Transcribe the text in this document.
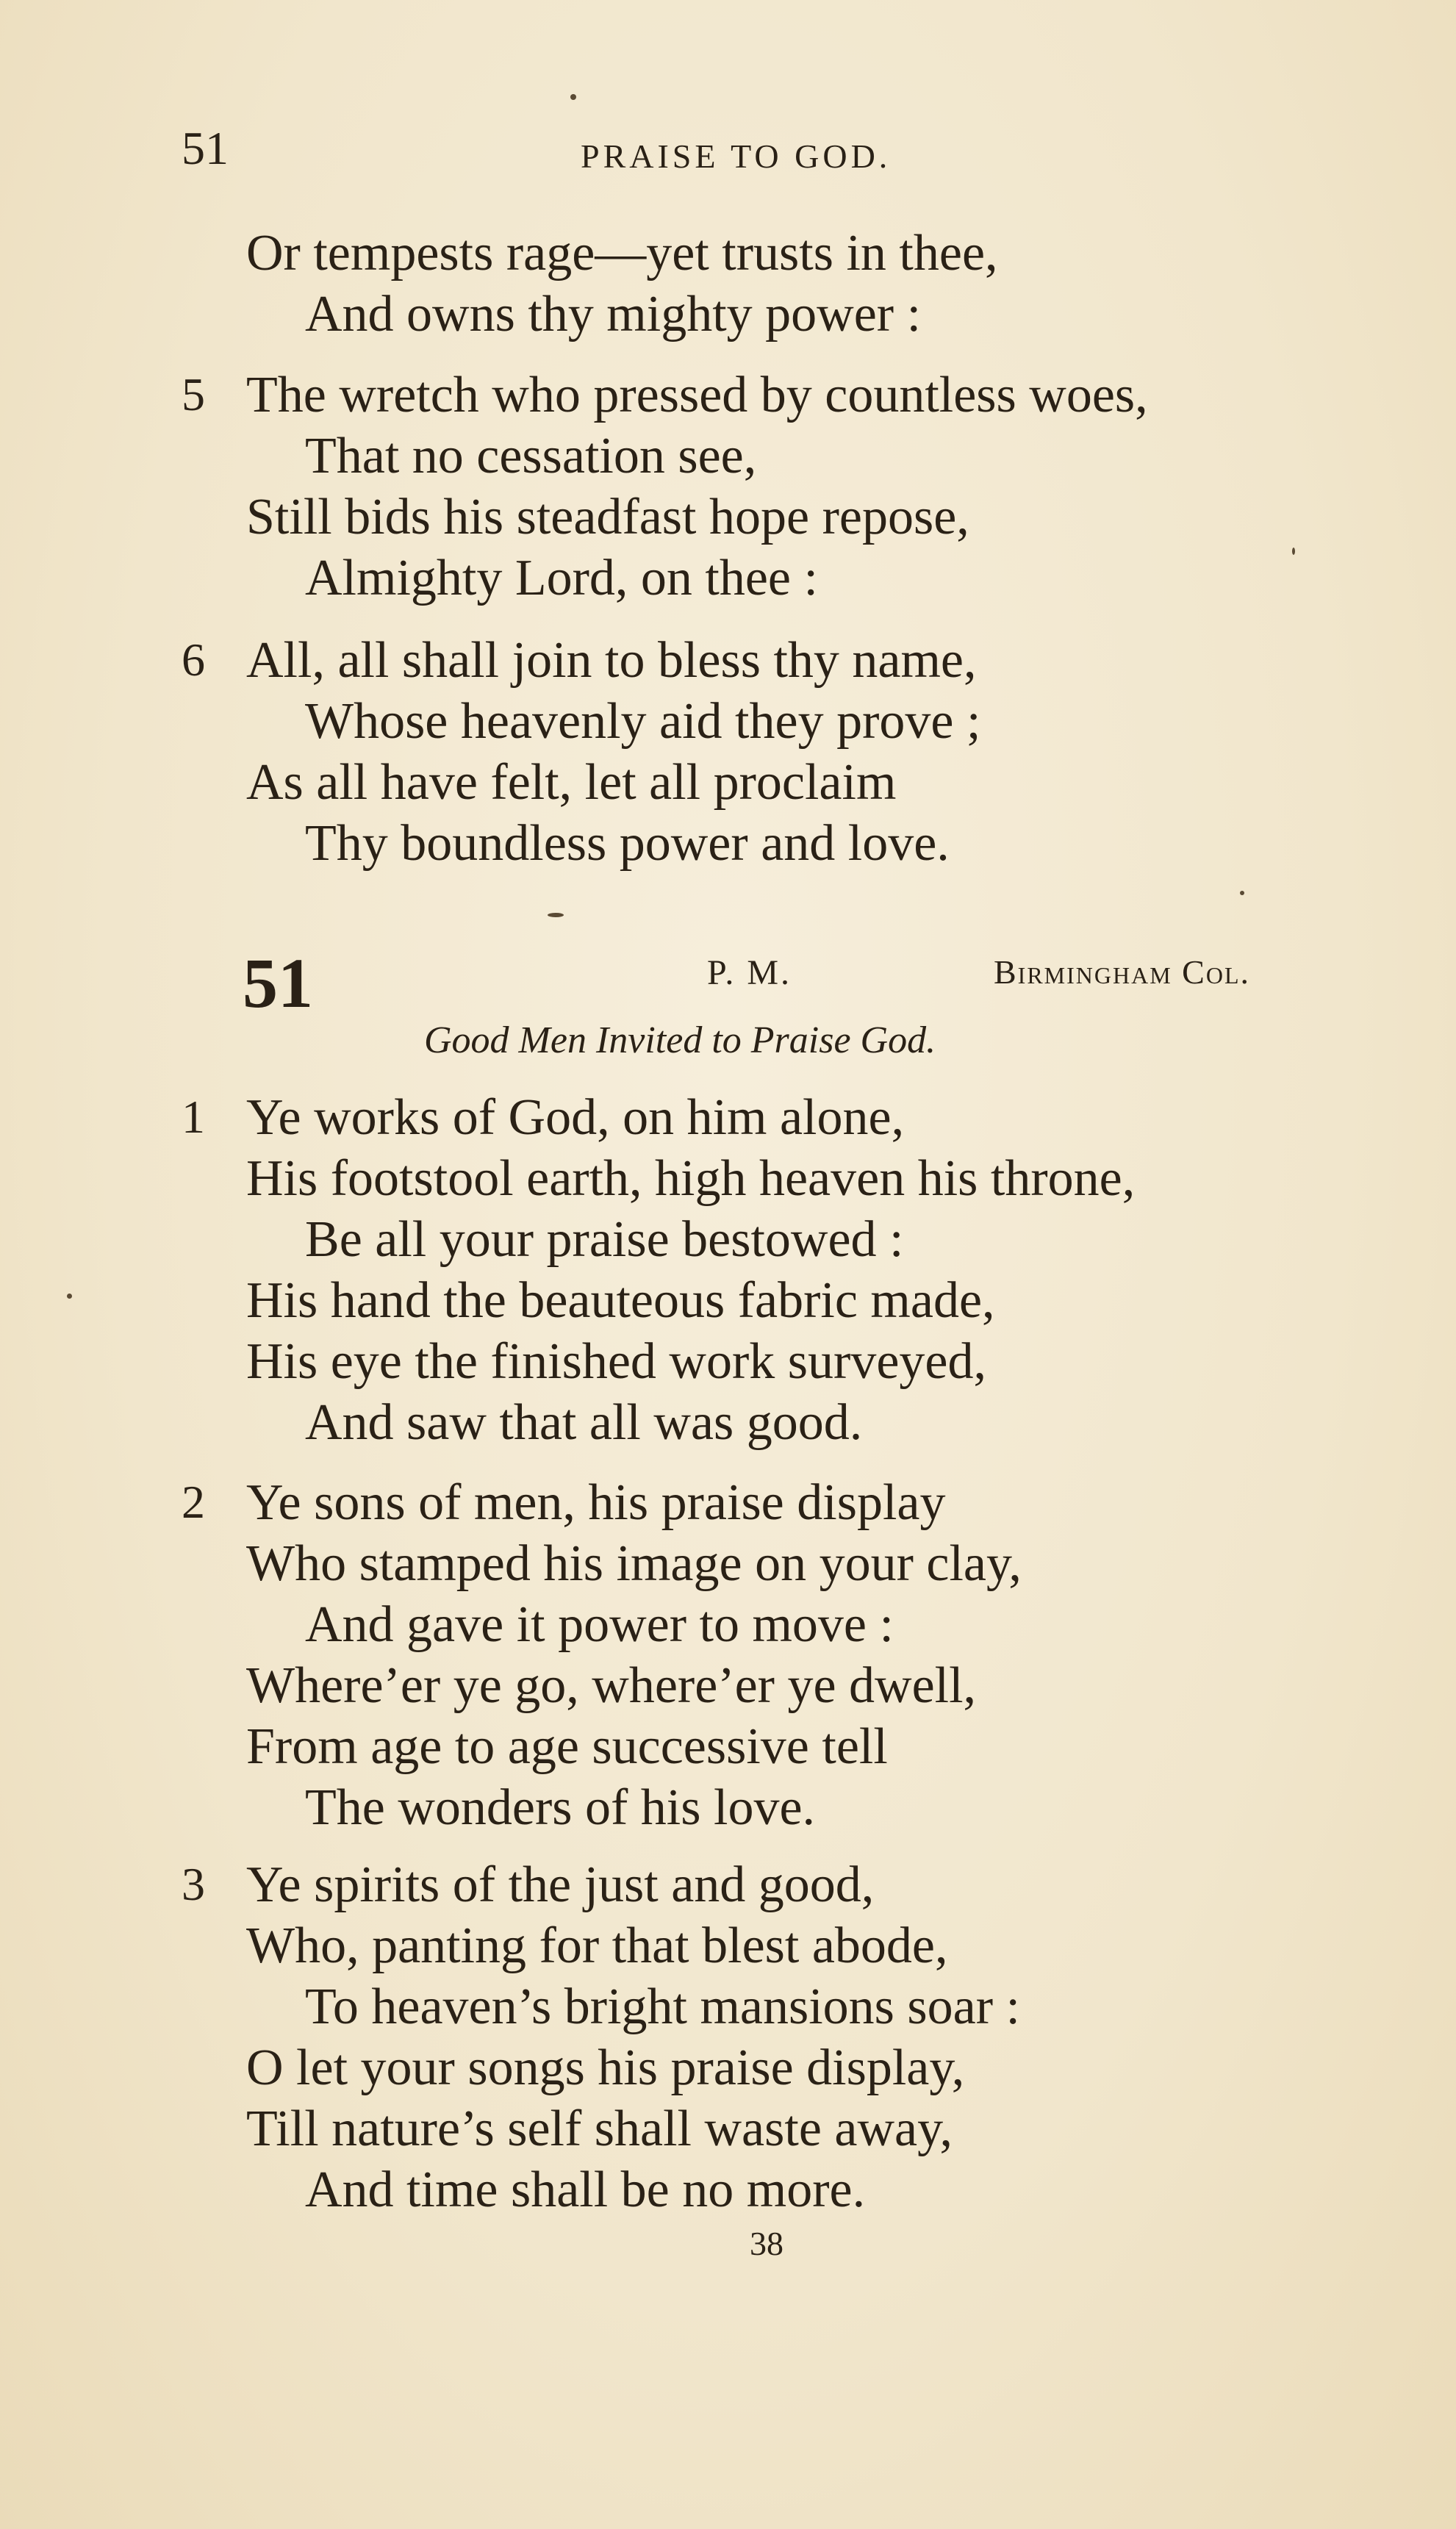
51	PRAISE TO GOD.
Or tempests rage—yet trusts in thee,
And owns thy mighty power :
5 The wretch who pressed by countless woes,
That no cessation see,
Still bids his steadfast hope repose,
Almighty Lord, on thee :
6 All, all shall join to bless thy name,
Whose heavenly aid they prove ;
As all have felt, let all proclaim
Thy boundless power and love.
51	P. M.	Birmingham Col.
Good Men Invited to Praise God.
1 Ye works of God, on him alone,
His footstool earth, high heaven his throne,
Be all your praise bestowed :
His hand the beauteous fabric made,
His eye the finished work surveyed,
And saw that all was good.
2 Ye sons of men, his praise display
Who stamped his image on your clay,
And gave it power to move :
Where’er ye go, where’er ye dwell,
From age to age successive tell
The wonders of his love.
3 Ye spirits of the just and good,
Who, panting for that blest abode,
To heaven’s bright mansions soar :
O let your songs his praise display,
Till nature’s self shall waste away,
And time shall be no more.
38
